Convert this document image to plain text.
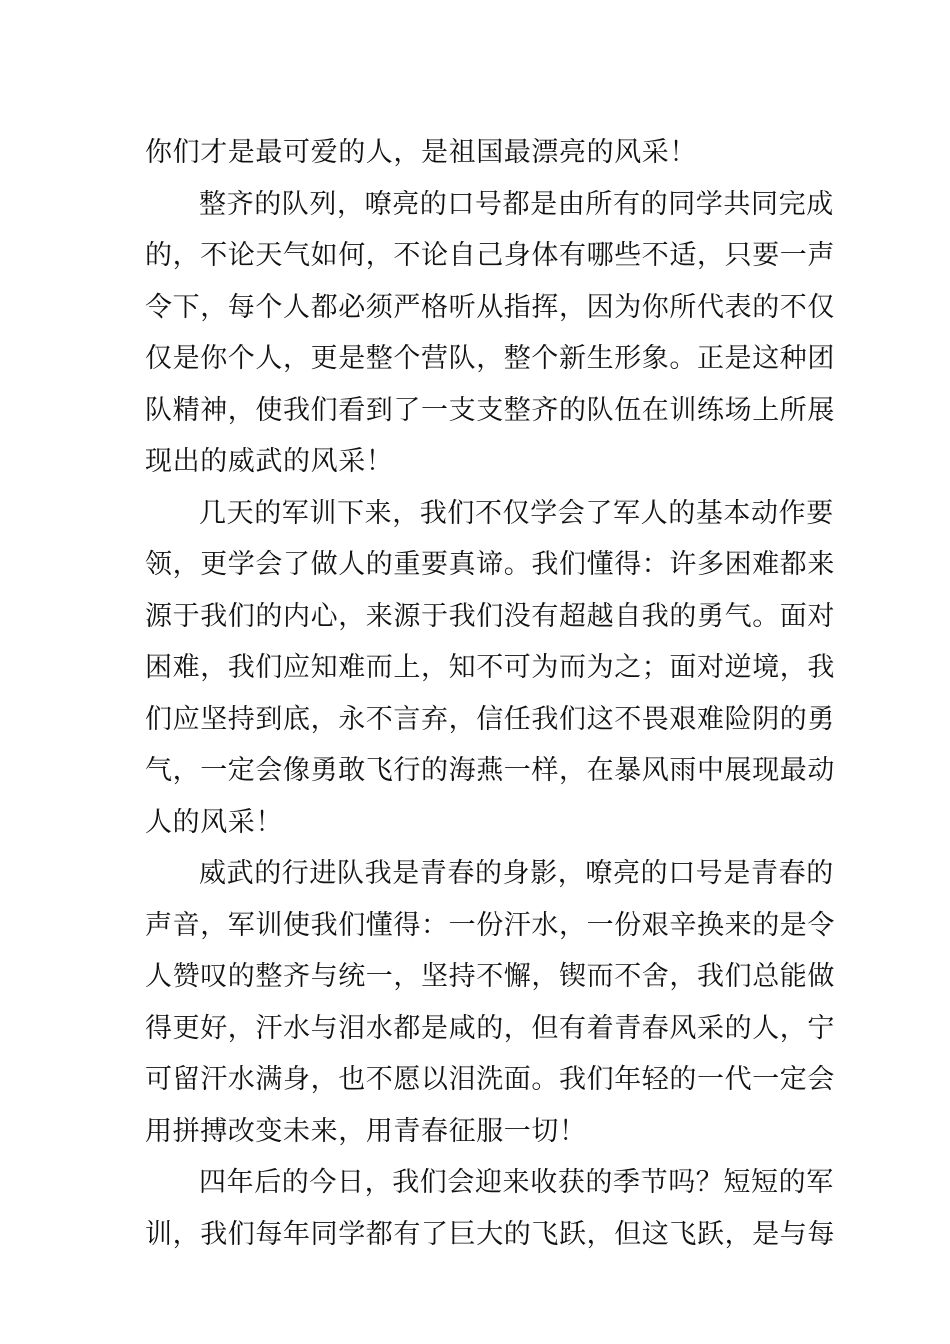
你们才是最可爱的人，是祖国最漂亮的风采！
整齐的队列，嘹亮的口号都是由所有的同学共同完成
的，不论天气如何，不论自己身体有哪些不适，只要一声
令下，每个人都必须严格听从指挥，因为你所代表的不仅
仅是你个人，更是整个营队，整个新生形象。正是这种团
队精神，使我们看到了一支支整齐的队伍在训练场上所展
现出的威武的风采！
几天的军训下来，我们不仅学会了军人的基本动作要
领，更学会了做人的重要真谛。我们懂得：许多困难都来
源于我们的内心，来源于我们没有超越自我的勇气。面对
困难，我们应知难而上，知不可为而为之；面对逆境，我
们应坚持到底，永不言弃，信任我们这不畏艰难险阴的勇
气，一定会像勇敢飞行的海燕一样，在暴风雨中展现最动
人的风采！
威武的行进队我是青春的身影，嘹亮的口号是青春的
声音，军训使我们懂得：一份汗水，一份艰辛换来的是令
人赞叹的整齐与统一，坚持不懈，锲而不舍，我们总能做
得更好，汗水与泪水都是咸的，但有着青春风采的人，宁
可留汗水满身，也不愿以泪洗面。我们年轻的一代一定会
用拼搏改变未来，用青春征服一切！
四年后的今日，我们会迎来收获的季节吗？短短的军
训，我们每年同学都有了巨大的飞跃，但这飞跃，是与每
